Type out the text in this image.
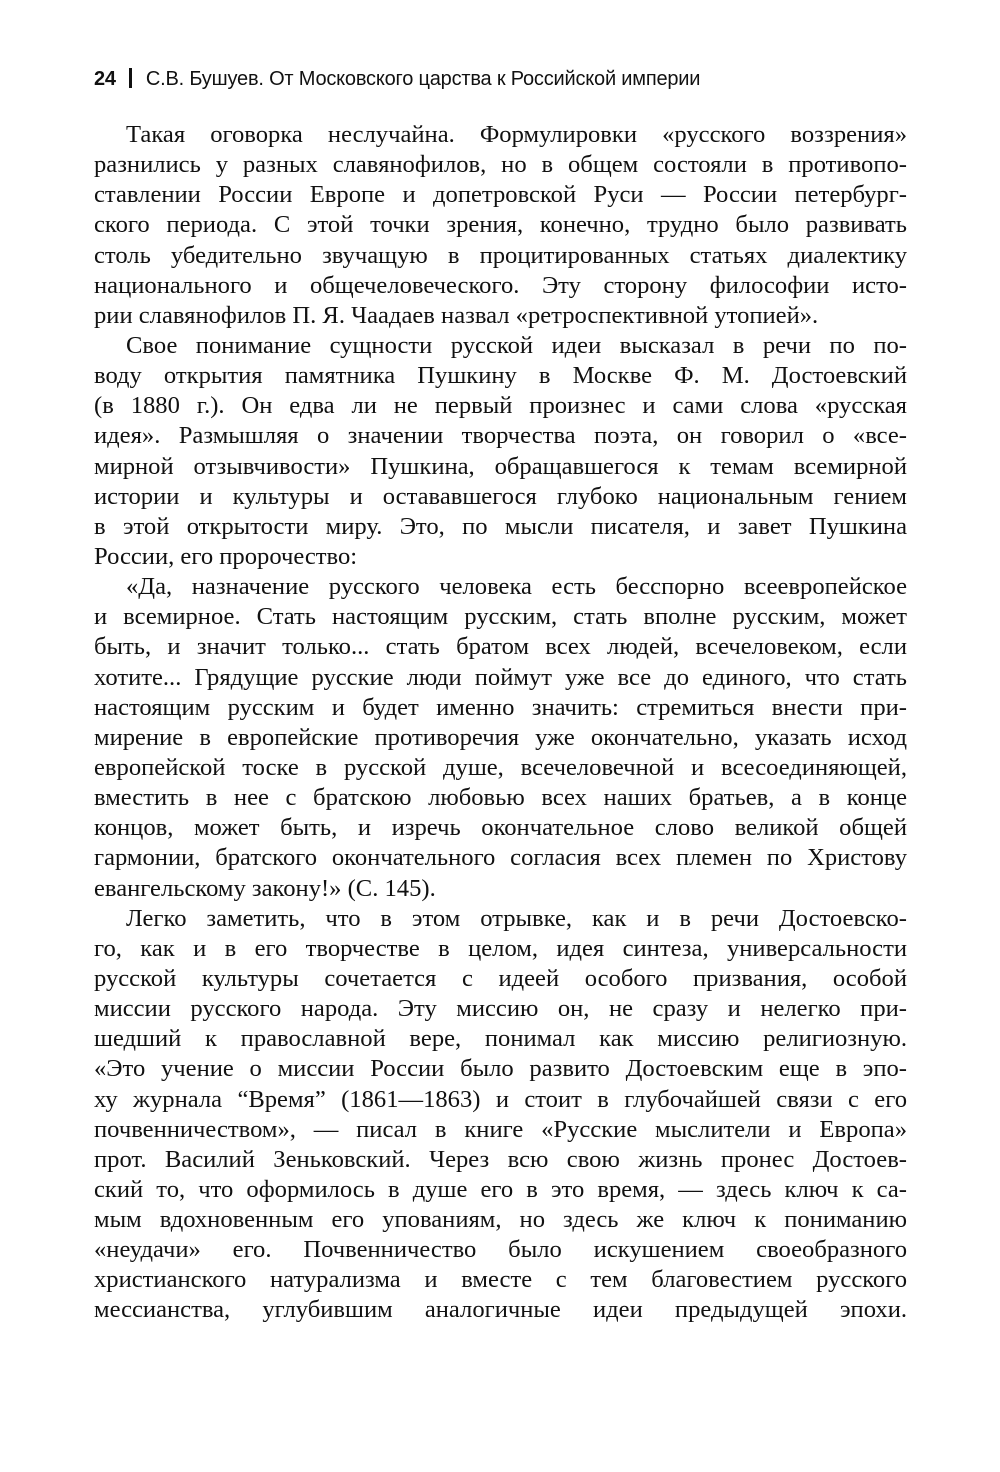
24 С.В. Бушуев. От Московского царства к Российской империи
Такая оговорка неслучайна. Формулировки «русского воззрения»
разнились у разных славянофилов, но в общем состояли в противопо-
ставлении России Европе и допетровской Руси — России петербург-
ского периода. С этой точки зрения, конечно, трудно было развивать
столь убедительно звучащую в процитированных статьях диалектику
национального и общечеловеческого. Эту сторону философии исто-
рии славянофилов П. Я. Чаадаев назвал «ретроспективной утопией».
Свое понимание сущности русской идеи высказал в речи по по-
воду открытия памятника Пушкину в Москве Ф. М. Достоевский
(в 1880 г.). Он едва ли не первый произнес и сами слова «русская
идея». Размышляя о значении творчества поэта, он говорил о «все-
мирной отзывчивости» Пушкина, обращавшегося к темам всемирной
истории и культуры и остававшегося глубоко национальным гением
в этой открытости миру. Это, по мысли писателя, и завет Пушкина
России, его пророчество:
«Да, назначение русского человека есть бесспорно всеевропейское
и всемирное. Стать настоящим русским, стать вполне русским, может
быть, и значит только... стать братом всех людей, всечеловеком, если
хотите... Грядущие русские люди поймут уже все до единого, что стать
настоящим русским и будет именно значить: стремиться внести при-
мирение в европейские противоречия уже окончательно, указать исход
европейской тоске в русской душе, всечеловечной и всесоединяющей,
вместить в нее с братскою любовью всех наших братьев, а в конце
концов, может быть, и изречь окончательное слово великой общей
гармонии, братского окончательного согласия всех племен по Христову
евангельскому закону!» (С. 145).
Легко заметить, что в этом отрывке, как и в речи Достоевско-
го, как и в его творчестве в целом, идея синтеза, универсальности
русской культуры сочетается с идеей особого призвания, особой
миссии русского народа. Эту миссию он, не сразу и нелегко при-
шедший к православной вере, понимал как миссию религиозную.
«Это учение о миссии России было развито Достоевским еще в эпо-
ху журнала “Время” (1861—1863) и стоит в глубочайшей связи с его
почвенничеством», — писал в книге «Русские мыслители и Европа»
прот. Василий Зеньковский. Через всю свою жизнь пронес Достоев-
ский то, что оформилось в душе его в это время, — здесь ключ к са-
мым вдохновенным его упованиям, но здесь же ключ к пониманию
«неудачи» его. Почвенничество было искушением своеобразного
христианского натурализма и вместе с тем благовестием русского
мессианства, углубившим аналогичные идеи предыдущей эпохи.
